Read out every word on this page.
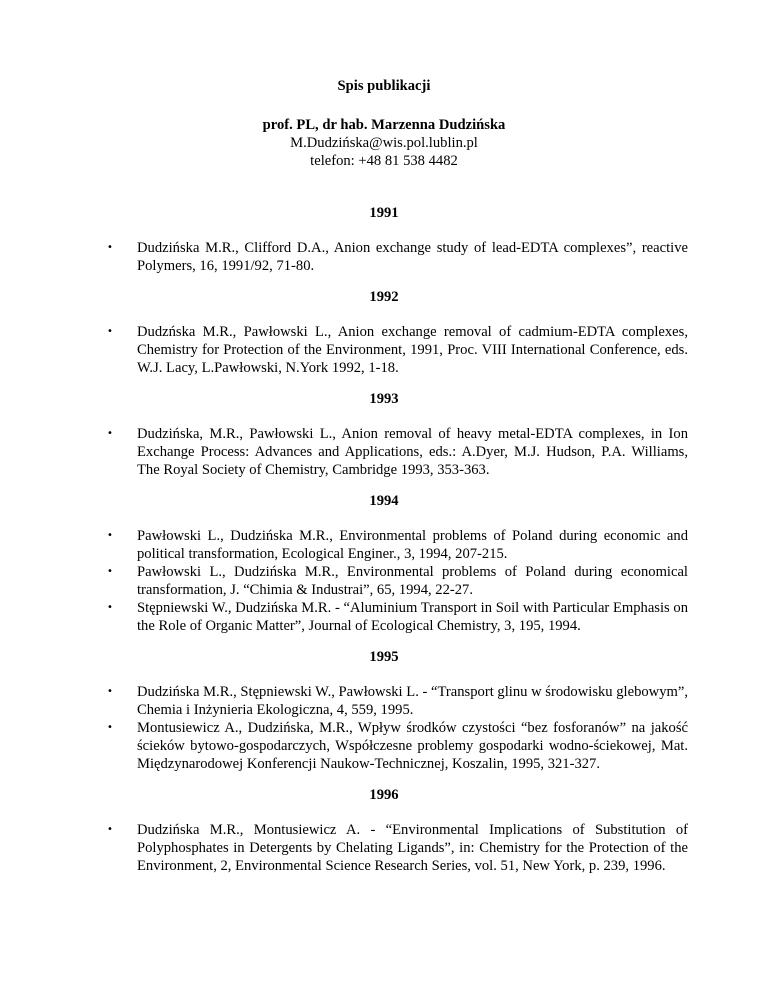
Spis publikacji

prof. PL, dr hab. Marzenna Dudzińska

M.Dudzińska@wis.pol.lublin.pl

telefon: +48 81 538 4482

1991

• Dudzińska M.R., Clifford D.A., Anion exchange study of lead-EDTA complexes”, reactive Polymers, 16, 1991/92, 71-80.

1992

• Dudzńska M.R., Pawłowski L., Anion exchange removal of cadmium-EDTA complexes, Chemistry for Protection of the Environment, 1991, Proc. VIII International Conference, eds. W.J. Lacy, L.Pawłowski, N.York 1992, 1-18.

1993

• Dudzińska, M.R., Pawłowski L., Anion removal of heavy metal-EDTA complexes, in Ion Exchange Process: Advances and Applications, eds.: A.Dyer, M.J. Hudson, P.A. Williams, The Royal Society of Chemistry, Cambridge 1993, 353-363.

1994

• Pawłowski L., Dudzińska M.R., Environmental problems of Poland during economic and political transformation, Ecological Enginer., 3, 1994, 207-215.
• Pawłowski L., Dudzińska M.R., Environmental problems of Poland during economical transformation, J. “Chimia & Industrai”, 65, 1994, 22-27.
• Stępniewski W., Dudzińska M.R. - “Aluminium Transport in Soil with Particular Emphasis on the Role of Organic Matter”, Journal of Ecological Chemistry, 3, 195, 1994.

1995

• Dudzińska M.R., Stępniewski W., Pawłowski L. - “Transport glinu w środowisku glebowym”, Chemia i Inżynieria Ekologiczna, 4, 559, 1995.
• Montusiewicz A., Dudzińska, M.R., Wpływ środków czystości “bez fosforanów” na jakość ścieków bytowo-gospodarczych, Współczesne problemy gospodarki wodno-ściekowej, Mat. Międzynarodowej Konferencji Naukow-Technicznej, Koszalin, 1995, 321-327.

1996

• Dudzińska M.R., Montusiewicz A. - “Environmental Implications of Substitution of Polyphosphates in Detergents by Chelating Ligands”, in: Chemistry for the Protection of the Environment, 2, Environmental Science Research Series, vol. 51, New York, p. 239, 1996.
